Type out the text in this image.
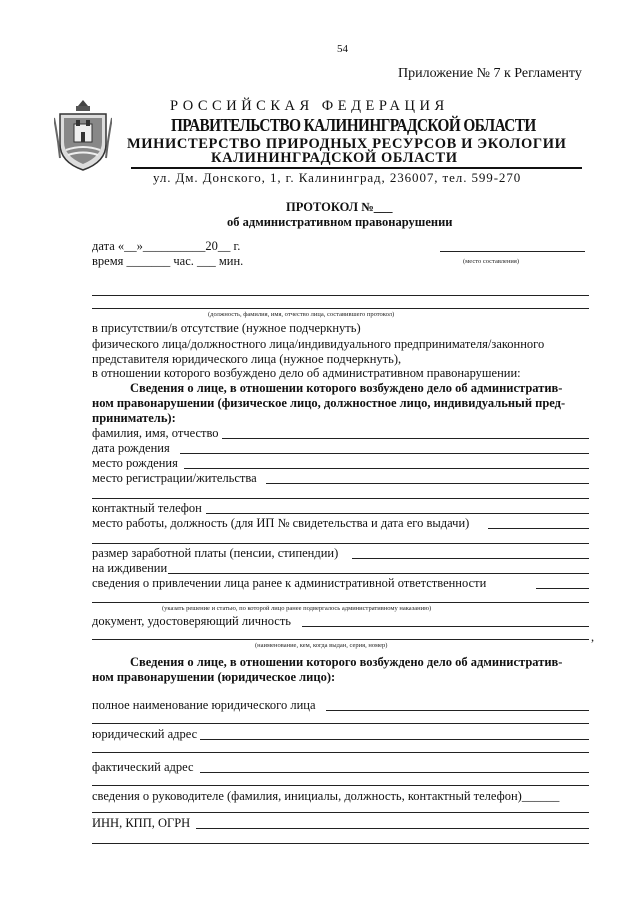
54
Приложение № 7 к Регламенту
РОССИЙСКАЯ ФЕДЕРАЦИЯ
ПРАВИТЕЛЬСТВО КАЛИНИНГРАДСКОЙ ОБЛАСТИ
МИНИСТЕРСТВО ПРИРОДНЫХ РЕСУРСОВ И ЭКОЛОГИИ
КАЛИНИНГРАДСКОЙ ОБЛАСТИ
ул. Дм. Донского, 1, г. Калининград, 236007, тел. 599-270
ПРОТОКОЛ №___
об административном правонарушении
дата «__»__________20__ г.
время _______ час. ___ мин.	(место составления)
(должность, фамилия, имя, отчество лица, составившего протокол)
в присутствии/в отсутствие (нужное подчеркнуть)
физического лица/должностного лица/индивидуального предпринимателя/законного
представителя юридического лица (нужное подчеркнуть),
в отношении которого возбуждено дело об административном правонарушении:
Сведения о лице, в отношении которого возбуждено дело об административ-
ном правонарушении (физическое лицо, должностное лицо, индивидуальный пред-
приниматель):
фамилия, имя, отчество
дата рождения
место рождения
место регистрации/жительства
контактный телефон
место работы, должность (для ИП № свидетельства и дата его выдачи)
размер заработной платы (пенсии, стипендии)
на иждивении
сведения о привлечении лица ранее к административной ответственности
(указать решение и статью, по которой лицо ранее подвергалось административному наказанию)
документ, удостоверяющий личность
,
(наименование, кем, когда выдан, серия, номер)
Сведения о лице, в отношении которого возбуждено дело об административ-
ном правонарушении (юридическое лицо):
полное наименование юридического лица
юридический адрес
фактический адрес
сведения о руководителе (фамилия, инициалы, должность, контактный телефон)______
ИНН, КПП, ОГРН
